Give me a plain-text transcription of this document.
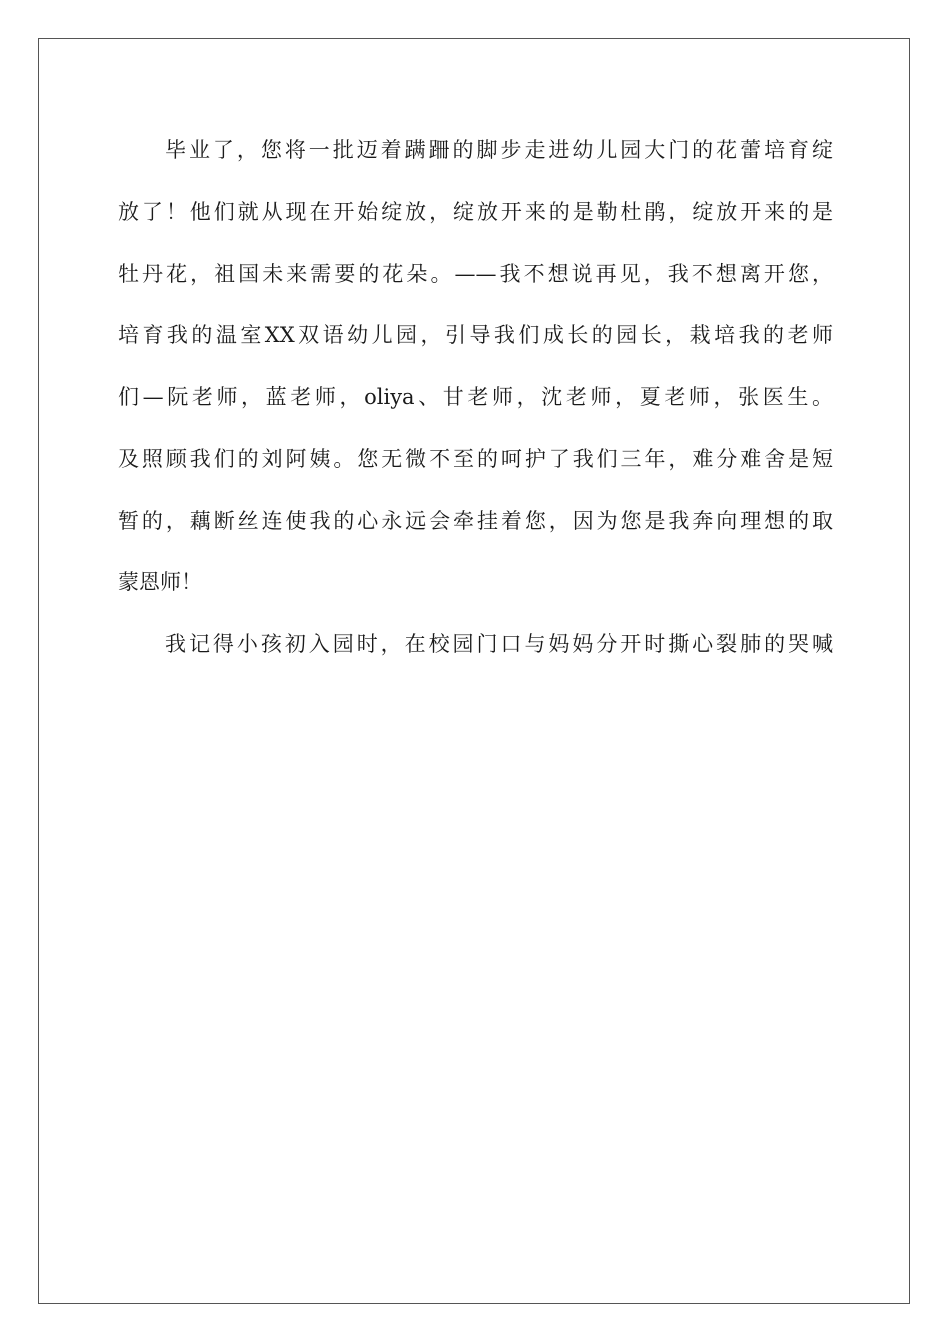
毕业了，您将一批迈着蹒跚的脚步走进幼儿园大门的花蕾培育绽
放了！他们就从现在开始绽放，绽放开来的是勒杜鹃，绽放开来的是
牡丹花，祖国未来需要的花朵。——我不想说再见，我不想离开您，
培育我的温室XX双语幼儿园，引导我们成长的园长，栽培我的老师
们—阮老师，蓝老师，oliya、甘老师，沈老师，夏老师，张医生。
及照顾我们的刘阿姨。您无微不至的呵护了我们三年，难分难舍是短
暂的，藕断丝连使我的心永远会牵挂着您，因为您是我奔向理想的取
蒙恩师！
我记得小孩初入园时，在校园门口与妈妈分开时撕心裂肺的哭喊
